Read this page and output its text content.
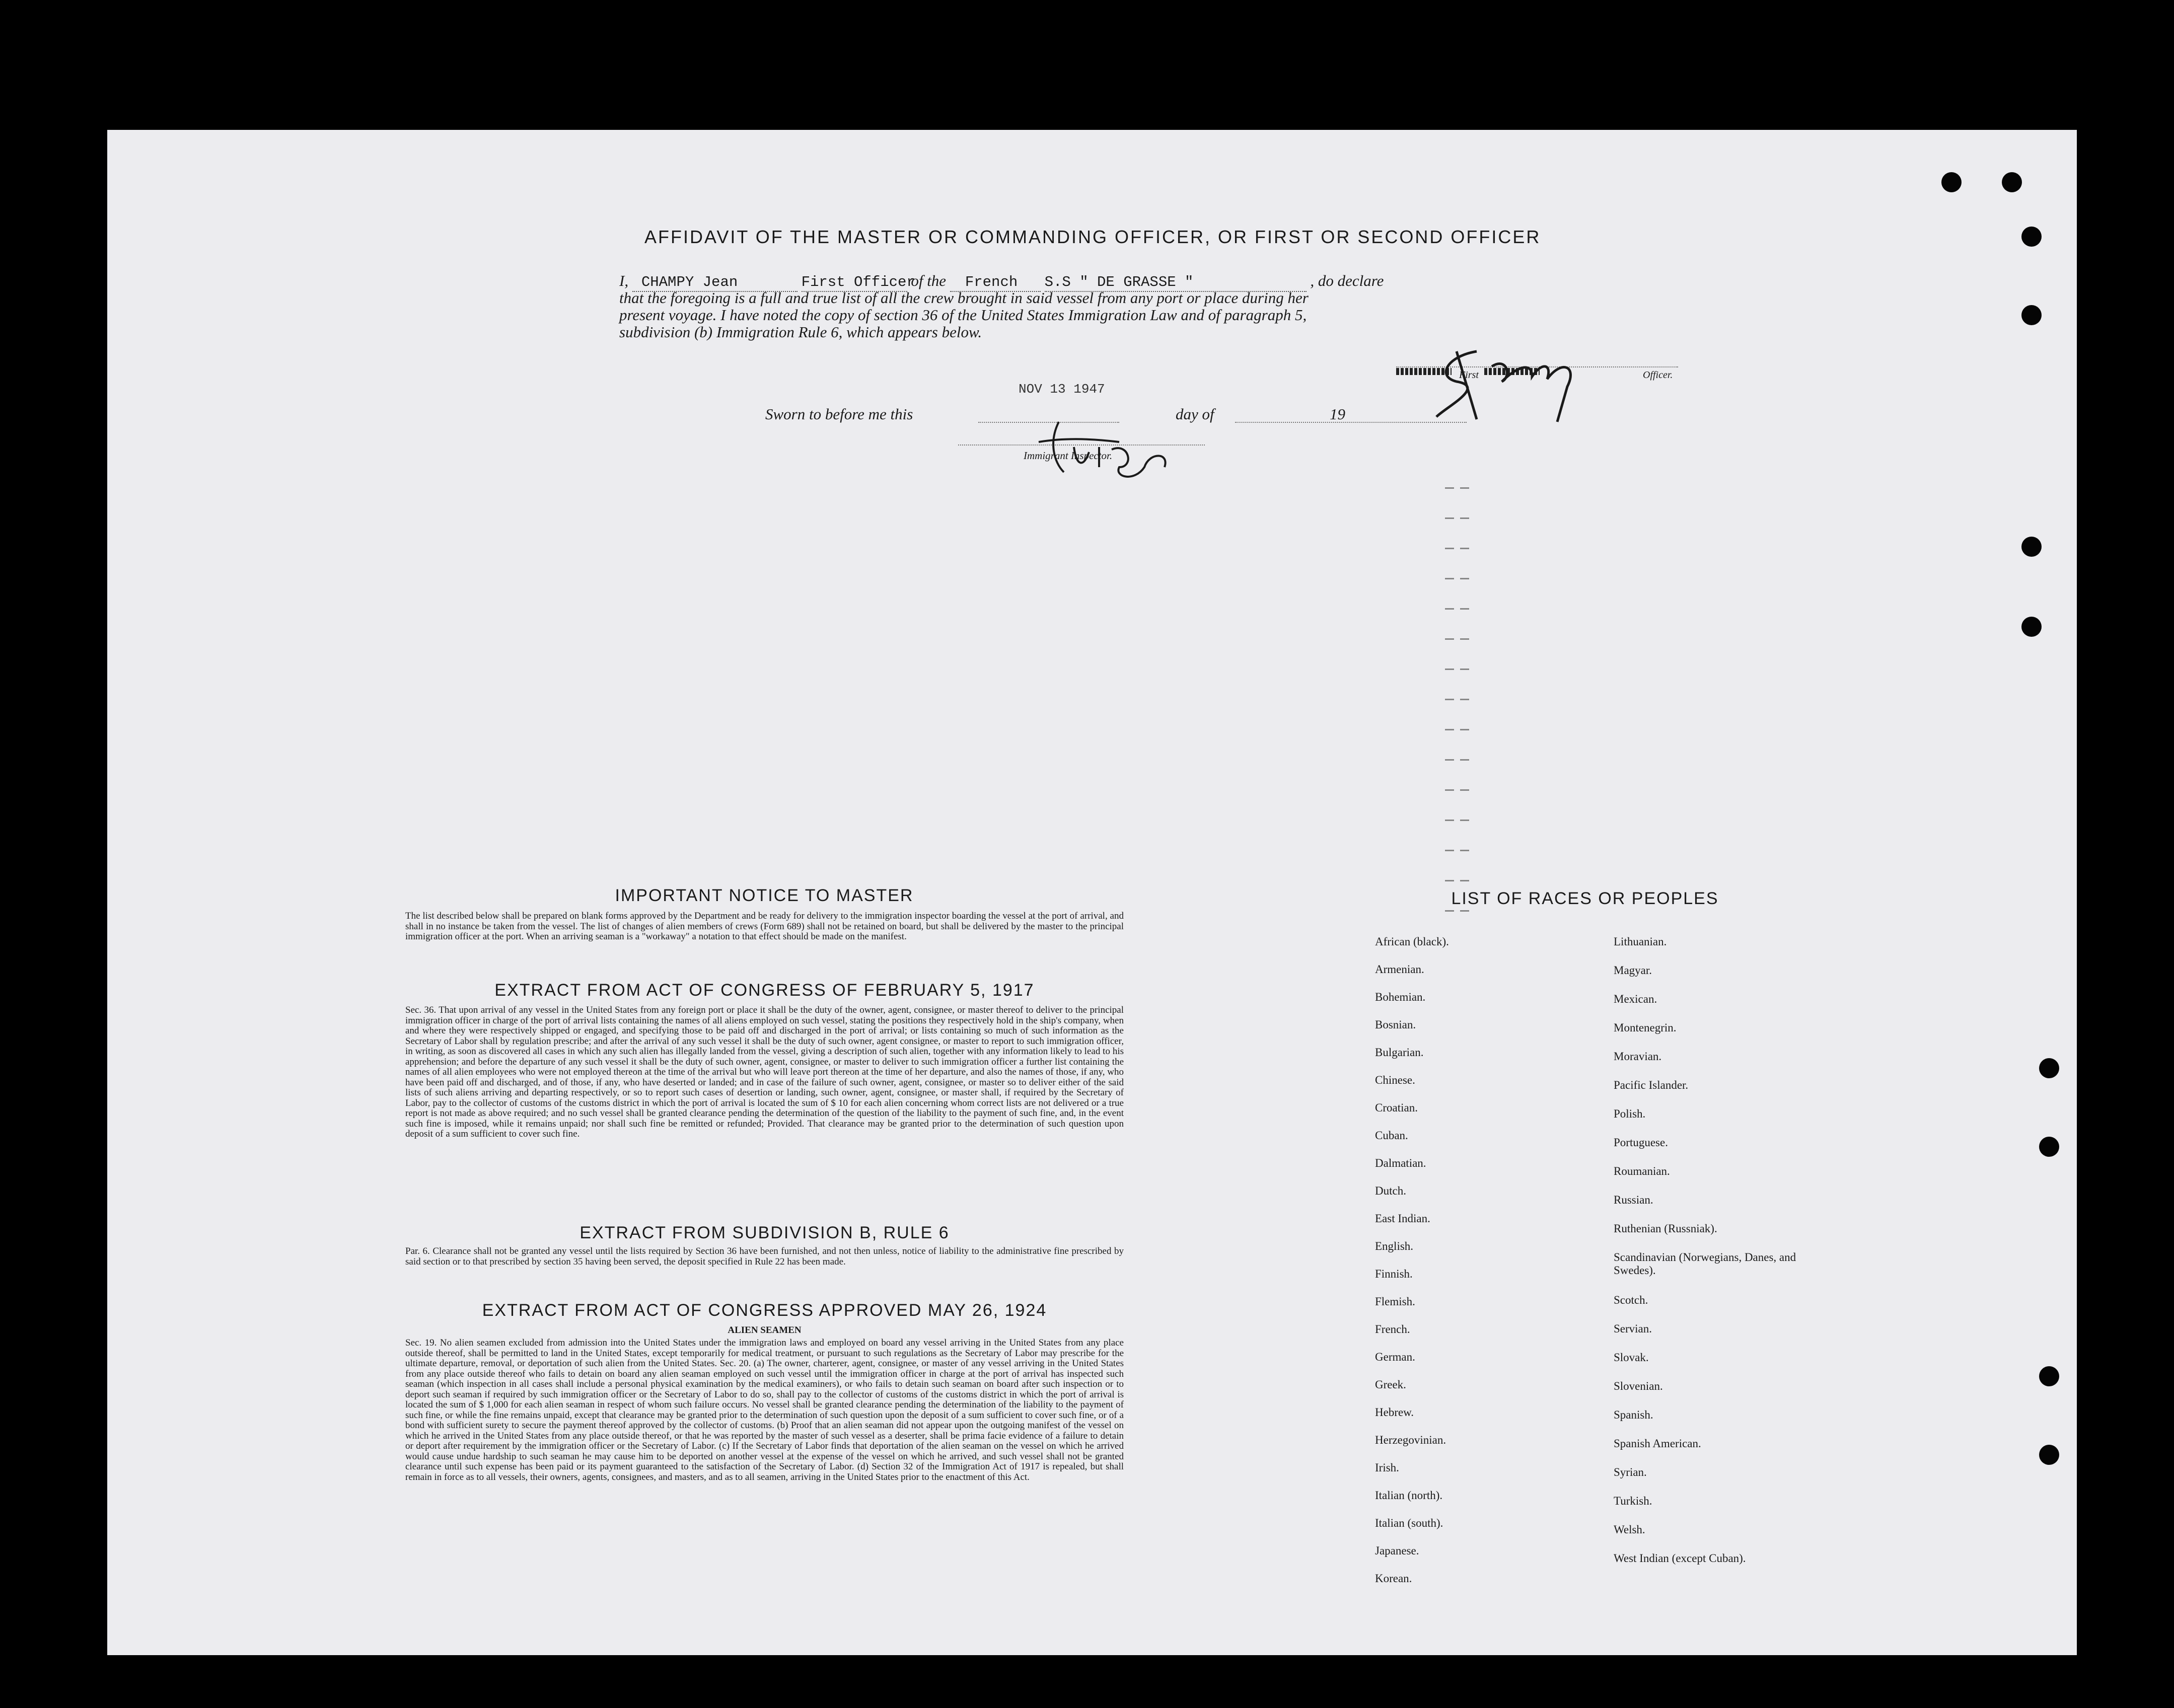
AFFIDAVIT OF THE MASTER OR COMMANDING OFFICER, OR FIRST OR SECOND OFFICER
I, CHAMPY Jean	First Officer of the French S.S " DE GRASSE "	, do declare
that the foregoing is a full and true list of all the crew brought in said vessel from any port or place during her
present voyage. I have noted the copy of section 36 of the United States Immigration Law and of paragraph 5,
subdivision (b) Immigration Rule 6, which appears below.
First	Officer.
Sworn to before me this
NOV 13 1947
day of	19
Immigrant Inspector.
IMPORTANT NOTICE TO MASTER
The list described below shall be prepared on blank forms approved by the Department and be ready for delivery to the immigration inspector boarding the vessel at the port of arrival, and shall in no instance be taken from the vessel. The list of changes of alien members of crews (Form 689) shall not be retained on board, but shall be delivered by the master to the principal immigration officer at the port. When an arriving seaman is a "workaway" a notation to that effect should be made on the manifest.
EXTRACT FROM ACT OF CONGRESS OF FEBRUARY 5, 1917
Sec. 36. That upon arrival of any vessel in the United States from any foreign port or place it shall be the duty of the owner, agent, consignee, or master thereof to deliver to the principal immigration officer in charge of the port of arrival lists containing the names of all aliens employed on such vessel, stating the positions they respectively hold in the ship's company, when and where they were respectively shipped or engaged, and specifying those to be paid off and discharged in the port of arrival; or lists containing so much of such information as the Secretary of Labor shall by regulation prescribe; and after the arrival of any such vessel it shall be the duty of such owner, agent consignee, or master to report to such immigration officer, in writing, as soon as discovered all cases in which any such alien has illegally landed from the vessel, giving a description of such alien, together with any information likely to lead to his apprehension; and before the departure of any such vessel it shall be the duty of such owner, agent, consignee, or master to deliver to such immigration officer a further list containing the names of all alien employees who were not employed thereon at the time of the arrival but who will leave port thereon at the time of her departure, and also the names of those, if any, who have been paid off and discharged, and of those, if any, who have deserted or landed; and in case of the failure of such owner, agent, consignee, or master so to deliver either of the said lists of such aliens arriving and departing respectively, or so to report such cases of desertion or landing, such owner, agent, consignee, or master shall, if required by the Secretary of Labor, pay to the collector of customs of the customs district in which the port of arrival is located the sum of $ 10 for each alien concerning whom correct lists are not delivered or a true report is not made as above required; and no such vessel shall be granted clearance pending the determination of the question of the liability to the payment of such fine, and, in the event such fine is imposed, while it remains unpaid; nor shall such fine be remitted or refunded; Provided. That clearance may be granted prior to the determination of such question upon deposit of a sum sufficient to cover such fine.
EXTRACT FROM SUBDIVISION B, RULE 6
Par. 6. Clearance shall not be granted any vessel until the lists required by Section 36 have been furnished, and not then unless, notice of liability to the administrative fine prescribed by said section or to that prescribed by section 35 having been served, the deposit specified in Rule 22 has been made.
EXTRACT FROM ACT OF CONGRESS APPROVED MAY 26, 1924
ALIEN SEAMEN
Sec. 19. No alien seamen excluded from admission into the United States under the immigration laws and employed on board any vessel arriving in the United States from any place outside thereof, shall be permitted to land in the United States, except temporarily for medical treatment, or pursuant to such regulations as the Secretary of Labor may prescribe for the ultimate departure, removal, or deportation of such alien from the United States. Sec. 20. (a) The owner, charterer, agent, consignee, or master of any vessel arriving in the United States from any place outside thereof who fails to detain on board any alien seaman employed on such vessel until the immigration officer in charge at the port of arrival has inspected such seaman (which inspection in all cases shall include a personal physical examination by the medical examiners), or who fails to detain such seaman on board after such inspection or to deport such seaman if required by such immigration officer or the Secretary of Labor to do so, shall pay to the collector of customs of the customs district in which the port of arrival is located the sum of $ 1,000 for each alien seaman in respect of whom such failure occurs. No vessel shall be granted clearance pending the determination of the liability to the payment of such fine, or while the fine remains unpaid, except that clearance may be granted prior to the determination of such question upon the deposit of a sum sufficient to cover such fine, or of a bond with sufficient surety to secure the payment thereof approved by the collector of customs. (b) Proof that an alien seaman did not appear upon the outgoing manifest of the vessel on which he arrived in the United States from any place outside thereof, or that he was reported by the master of such vessel as a deserter, shall be prima facie evidence of a failure to detain or deport after requirement by the immigration officer or the Secretary of Labor. (c) If the Secretary of Labor finds that deportation of the alien seaman on the vessel on which he arrived would cause undue hardship to such seaman he may cause him to be deported on another vessel at the expense of the vessel on which he arrived, and such vessel shall not be granted clearance until such expense has been paid or its payment guaranteed to the satisfaction of the Secretary of Labor. (d) Section 32 of the Immigration Act of 1917 is repealed, but shall remain in force as to all vessels, their owners, agents, consignees, and masters, and as to all seamen, arriving in the United States prior to the enactment of this Act.
LIST OF RACES OR PEOPLES
African (black).
Armenian.
Bohemian.
Bosnian.
Bulgarian.
Chinese.
Croatian.
Cuban.
Dalmatian.
Dutch.
East Indian.
English.
Finnish.
Flemish.
French.
German.
Greek.
Hebrew.
Herzegovinian.
Irish.
Italian (north).
Italian (south).
Japanese.
Korean.
Lithuanian.
Magyar.
Mexican.
Montenegrin.
Moravian.
Pacific Islander.
Polish.
Portuguese.
Roumanian.
Russian.
Ruthenian (Russniak).
Scandinavian (Norwegians, Danes, and Swedes).
Scotch.
Servian.
Slovak.
Slovenian.
Spanish.
Spanish American.
Syrian.
Turkish.
Welsh.
West Indian (except Cuban).
